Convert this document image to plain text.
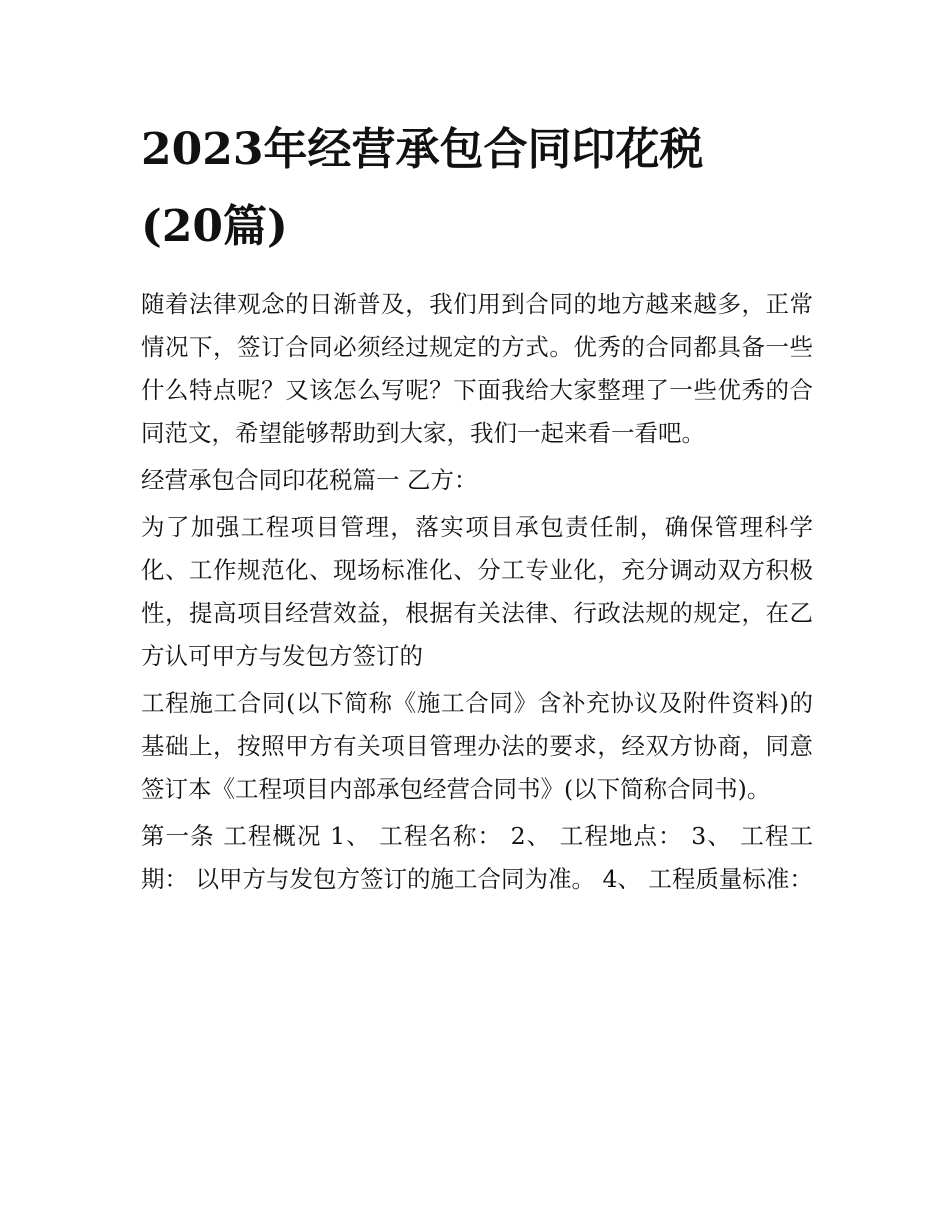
2023年经营承包合同印花税
(20篇)

随着法律观念的日渐普及，我们用到合同的地方越来越多，正常情况下，签订合同必须经过规定的方式。优秀的合同都具备一些什么特点呢？又该怎么写呢？下面我给大家整理了一些优秀的合同范文，希望能够帮助到大家，我们一起来看一看吧。

经营承包合同印花税篇一 乙方：

为了加强工程项目管理，落实项目承包责任制，确保管理科学化、工作规范化、现场标准化、分工专业化，充分调动双方积极性，提高项目经营效益，根据有关法律、行政法规的规定，在乙方认可甲方与发包方签订的

工程施工合同(以下简称《施工合同》含补充协议及附件资料)的基础上，按照甲方有关项目管理办法的要求，经双方协商，同意签订本《工程项目内部承包经营合同书》(以下简称合同书)。

第一条 工程概况 1、 工程名称： 2、 工程地点： 3、 工程工期： 以甲方与发包方签订的施工合同为准。 4、 工程质量标准：
